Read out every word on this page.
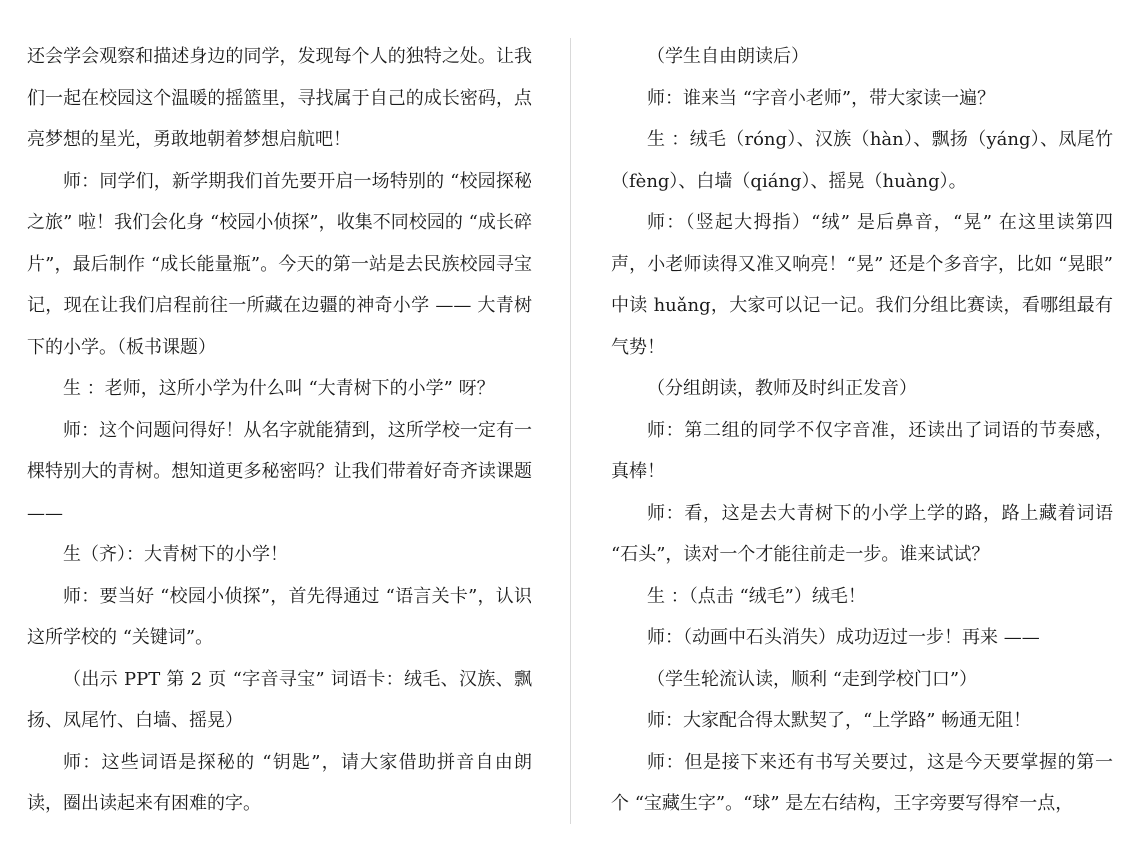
还会学会观察和描述身边的同学，发现每个人的独特之处。让我们一起在校园这个温暖的摇篮里，寻找属于自己的成长密码，点亮梦想的星光，勇敢地朝着梦想启航吧！

师：同学们，新学期我们首先要开启一场特别的 “校园探秘之旅” 啦！我们会化身 “校园小侦探”，收集不同校园的 “成长碎片”，最后制作 “成长能量瓶”。今天的第一站是去民族校园寻宝记，现在让我们启程前往一所藏在边疆的神奇小学 —— 大青树下的小学。（板书课题）

生 ：老师，这所小学为什么叫 “大青树下的小学” 呀？

师：这个问题问得好！从名字就能猜到，这所学校一定有一棵特别大的青树。想知道更多秘密吗？让我们带着好奇齐读课题 ——

生（齐）：大青树下的小学！

师：要当好 “校园小侦探”，首先得通过 “语言关卡”，认识这所学校的 “关键词”。

（出示 PPT 第 2 页 “字音寻宝” 词语卡：绒毛、汉族、飘扬、凤尾竹、白墙、摇晃）

师：这些词语是探秘的 “钥匙”，请大家借助拼音自由朗读，圈出读起来有困难的字。

（学生自由朗读后）

师：谁来当 “字音小老师”，带大家读一遍？

生 ：绒毛（róng）、汉族（hàn）、飘扬（yáng）、凤尾竹（fèng）、白墙（qiáng）、摇晃（huàng）。

师：（竖起大拇指）“绒” 是后鼻音，“晃” 在这里读第四声，小老师读得又准又响亮！“晃” 还是个多音字，比如 “晃眼” 中读 huǎng，大家可以记一记。我们分组比赛读，看哪组最有气势！

（分组朗读，教师及时纠正发音）

师：第二组的同学不仅字音准，还读出了词语的节奏感，真棒！

师：看，这是去大青树下的小学上学的路，路上藏着词语 “石头”，读对一个才能往前走一步。谁来试试？

生 ：（点击 “绒毛”）绒毛！

师：（动画中石头消失）成功迈过一步！再来 ——

（学生轮流认读，顺利 “走到学校门口”）

师：大家配合得太默契了，“上学路” 畅通无阻！

师：但是接下来还有书写关要过，这是今天要掌握的第一个 “宝藏生字”。“球” 是左右结构，王字旁要写得窄一点，
